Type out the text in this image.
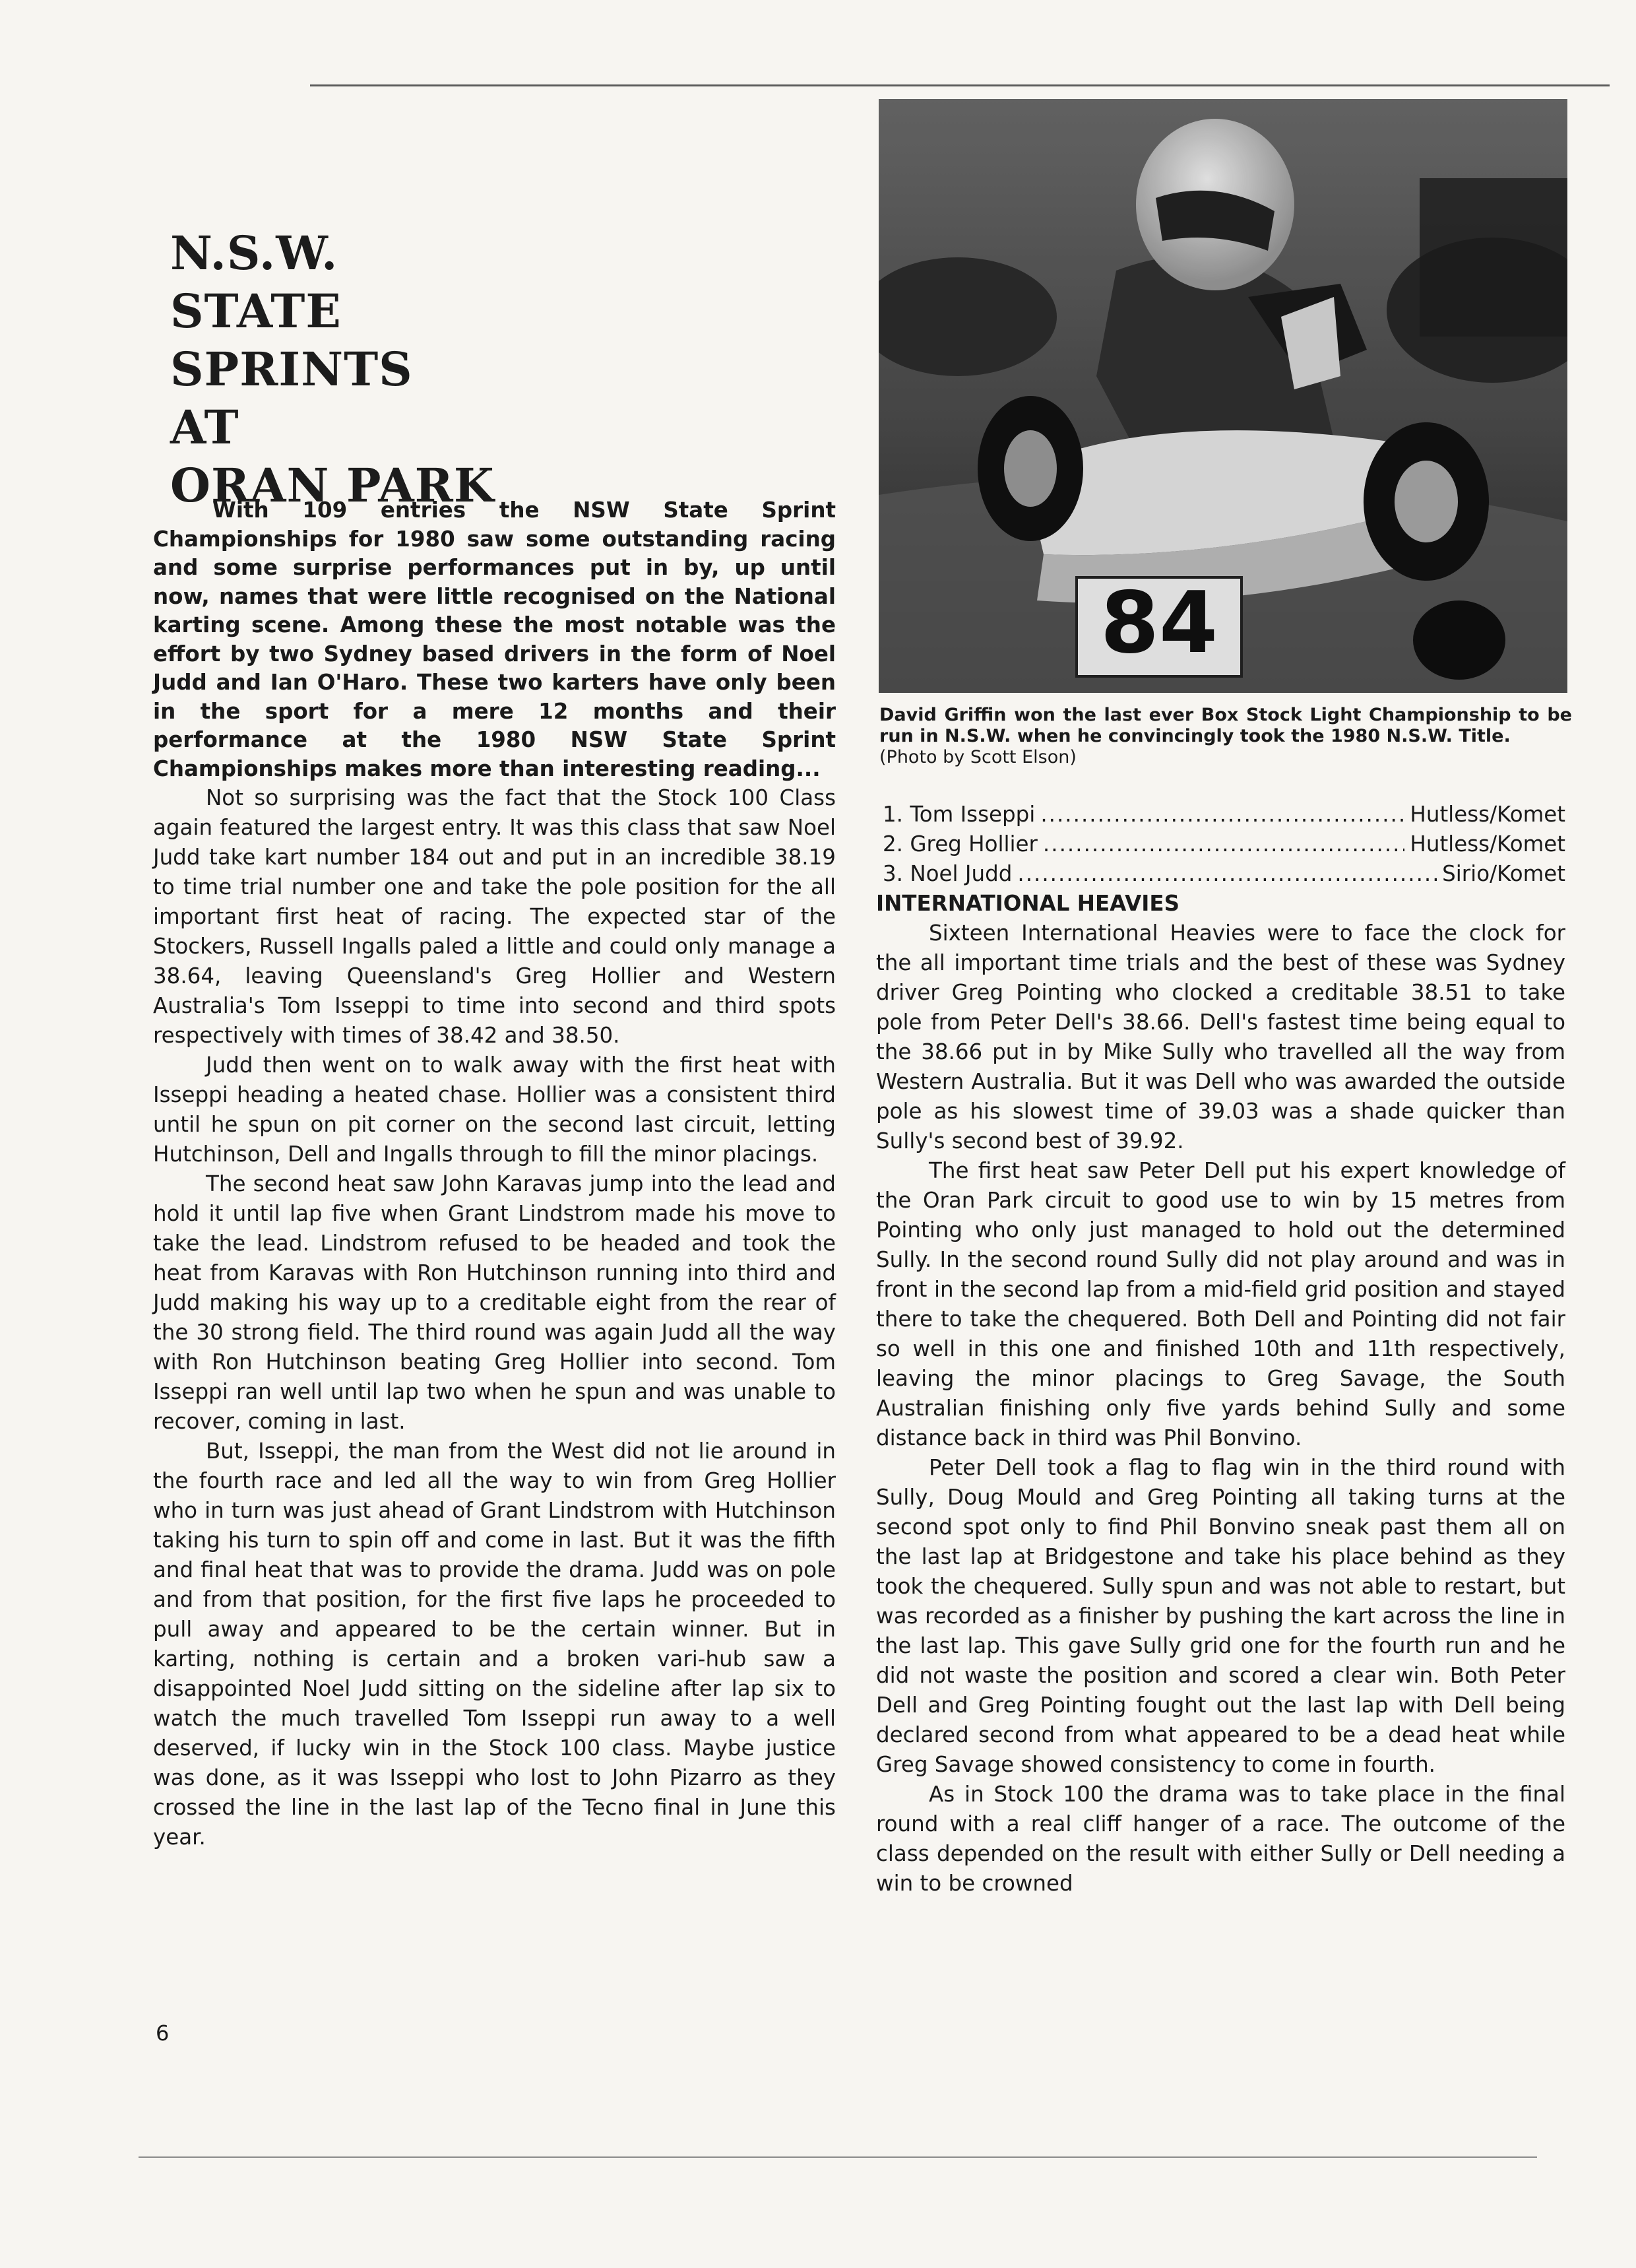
N.S.W.
STATE
SPRINTS
AT
ORAN PARK

With 109 entries the NSW State Sprint Championships for 1980 saw some outstanding racing and some surprise performances put in by, up until now, names that were little recognised on the National karting scene. Among these the most notable was the effort by two Sydney based drivers in the form of Noel Judd and Ian O'Haro. These two karters have only been in the sport for a mere 12 months and their performance at the 1980 NSW State Sprint Championships makes more than interesting reading...

Not so surprising was the fact that the Stock 100 Class again featured the largest entry. It was this class that saw Noel Judd take kart number 184 out and put in an incredible 38.19 to time trial number one and take the pole position for the all important first heat of racing. The expected star of the Stockers, Russell Ingalls paled a little and could only manage a 38.64, leaving Queensland's Greg Hollier and Western Australia's Tom Isseppi to time into second and third spots respectively with times of 38.42 and 38.50.

Judd then went on to walk away with the first heat with Isseppi heading a heated chase. Hollier was a consistent third until he spun on pit corner on the second last circuit, letting Hutchinson, Dell and Ingalls through to fill the minor placings.

The second heat saw John Karavas jump into the lead and hold it until lap five when Grant Lindstrom made his move to take the lead. Lindstrom refused to be headed and took the heat from Karavas with Ron Hutchinson running into third and Judd making his way up to a creditable eight from the rear of the 30 strong field. The third round was again Judd all the way with Ron Hutchinson beating Greg Hollier into second. Tom Isseppi ran well until lap two when he spun and was unable to recover, coming in last.

But, Isseppi, the man from the West did not lie around in the fourth race and led all the way to win from Greg Hollier who in turn was just ahead of Grant Lindstrom with Hutchinson taking his turn to spin off and come in last. But it was the fifth and final heat that was to provide the drama. Judd was on pole and from that position, for the first five laps he proceeded to pull away and appeared to be the certain winner. But in karting, nothing is certain and a broken vari-hub saw a disappointed Noel Judd sitting on the sideline after lap six to watch the much travelled Tom Isseppi run away to a well deserved, if lucky win in the Stock 100 class. Maybe justice was done, as it was Isseppi who lost to John Pizarro as they crossed the line in the last lap of the Tecno final in June this year.

6
84
David Griffin won the last ever Box Stock Light Championship to be run in N.S.W. when he convincingly took the 1980 N.S.W. Title.
(Photo by Scott Elson)
1. Tom Isseppi .....	Hutless/Komet
2. Greg Hollier .....	Hutless/Komet
3. Noel Judd .....	Sirio/Komet

INTERNATIONAL HEAVIES

Sixteen International Heavies were to face the clock for the all important time trials and the best of these was Sydney driver Greg Pointing who clocked a creditable 38.51 to take pole from Peter Dell's 38.66. Dell's fastest time being equal to the 38.66 put in by Mike Sully who travelled all the way from Western Australia. But it was Dell who was awarded the outside pole as his slowest time of 39.03 was a shade quicker than Sully's second best of 39.92.

The first heat saw Peter Dell put his expert knowledge of the Oran Park circuit to good use to win by 15 metres from Pointing who only just managed to hold out the determined Sully. In the second round Sully did not play around and was in front in the second lap from a mid-field grid position and stayed there to take the chequered. Both Dell and Pointing did not fair so well in this one and finished 10th and 11th respectively, leaving the minor placings to Greg Savage, the South Australian finishing only five yards behind Sully and some distance back in third was Phil Bonvino.

Peter Dell took a flag to flag win in the third round with Sully, Doug Mould and Greg Pointing all taking turns at the second spot only to find Phil Bonvino sneak past them all on the last lap at Bridgestone and take his place behind as they took the chequered. Sully spun and was not able to restart, but was recorded as a finisher by pushing the kart across the line in the last lap. This gave Sully grid one for the fourth run and he did not waste the position and scored a clear win. Both Peter Dell and Greg Pointing fought out the last lap with Dell being declared second from what appeared to be a dead heat while Greg Savage showed consistency to come in fourth.

As in Stock 100 the drama was to take place in the final round with a real cliff hanger of a race. The outcome of the class depended on the result with either Sully or Dell needing a win to be crowned
